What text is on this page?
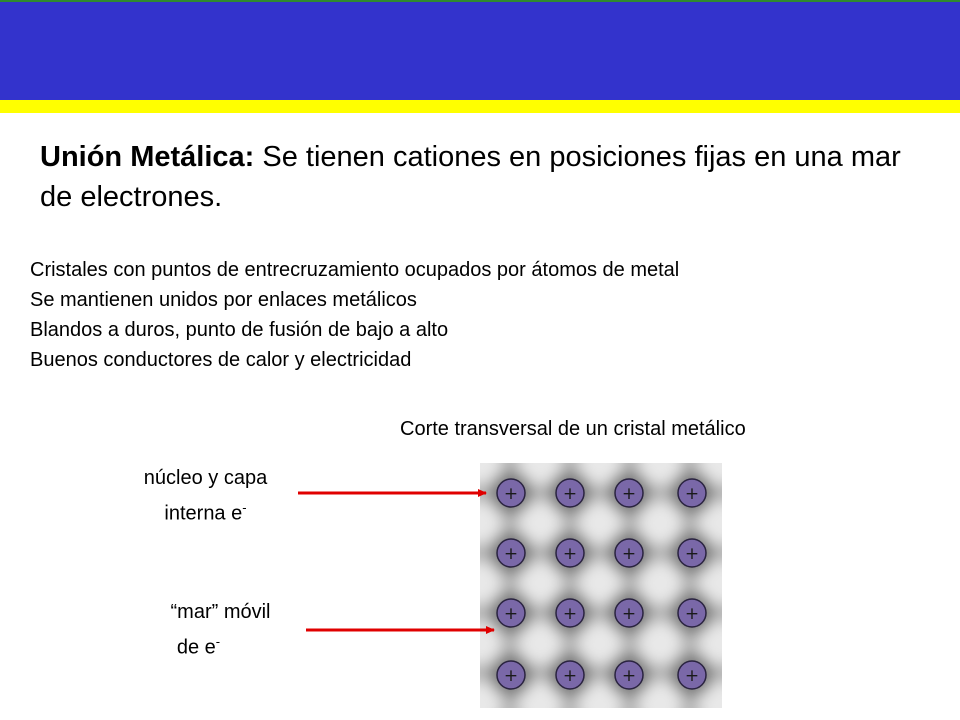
Unión Metálica: Se tienen cationes en posiciones fijas en una mar de electrones.
Cristales con puntos de entrecruzamiento ocupados por átomos de metal
Se mantienen unidos por enlaces metálicos
Blandos a duros, punto de fusión de bajo a alto
Buenos conductores de calor y electricidad
Corte transversal de un cristal metálico
núcleo y capa
interna e-
“mar” móvil
de e-
+	+	+	+
+	+	+	+
+	+	+	+
+	+	+	+
